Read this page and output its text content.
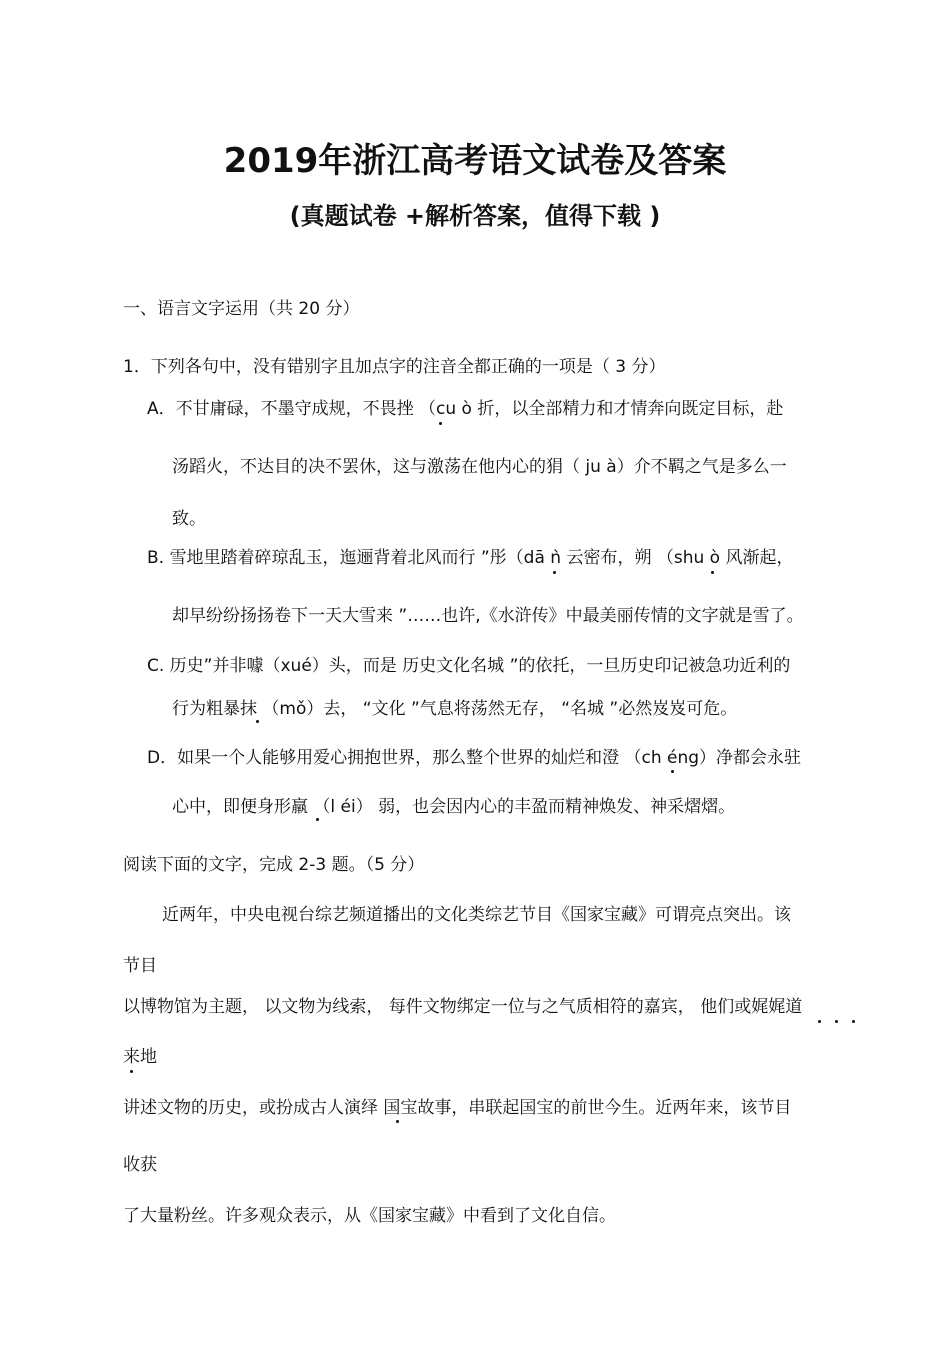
2019年浙江高考语文试卷及答案
(真题试卷 +解析答案，值得下载 )
一、语言文字运用（共 20 分）
1．下列各句中，没有错别字且加点字的注音全都正确的一项是（ 3 分）
A．不甘庸碌，不墨守成规，不畏挫 （cu ò 折，以全部精力和才情奔向既定目标，赴
汤蹈火，不达目的决不罢休，这与激荡在他内心的狷（ ju à）介不羁之气是多么一
致。
B. 雪地里踏着碎琼乱玉，迤逦背着北风而行 ”彤（dā ǹ 云密布，朔 （shu ò 风渐起，
却早纷纷扬扬卷下一天大雪来 ”……也许,《水浒传》中最美丽传情的文字就是雪了。
C. 历史”并非噱（xué）头，而是 历史文化名城 ”的依托，一旦历史印记被急功近利的
行为粗暴抹 （mǒ）去， “文化 ”气息将荡然无存， “名城 ”必然岌岌可危。
D．如果一个人能够用爱心拥抱世界，那么整个世界的灿烂和澄 （ch éng）净都会永驻
心中，即便身形羸 （l éi） 弱，也会因内心的丰盈而精神焕发、神采熠熠。
阅读下面的文字，完成 2-3 题。（5 分）
近两年，中央电视台综艺频道播出的文化类综艺节目《国家宝藏》可谓亮点突出。该
节目
以博物馆为主题， 以文物为线索， 每件文物绑定一位与之气质相符的嘉宾， 他们或娓娓道
来地
讲述文物的历史，或扮成古人演绎 国宝故事，串联起国宝的前世今生。近两年来，该节目
收获
了大量粉丝。许多观众表示，从《国家宝藏》中看到了文化自信。
